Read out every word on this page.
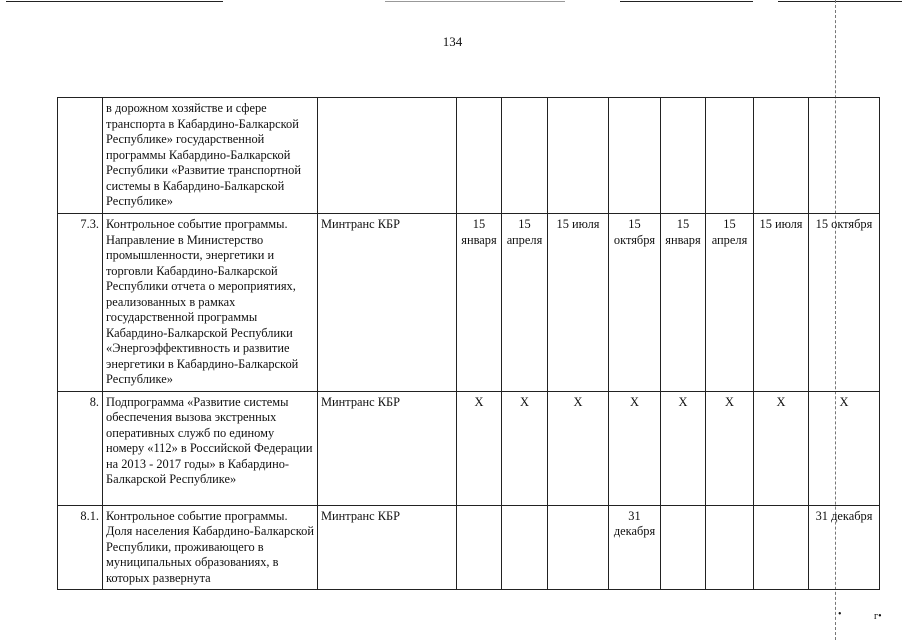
134
•	г•
	в дорожном хозяйстве и сфере транспорта в Кабардино-Балкарской Республике» государственной программы Кабардино-Балкарской Республики «Развитие транспортной системы в Кабардино-Балкарской Республике»									
7.3.	Контрольное событие программы. Направление в Министерство промышленности, энергетики и торговли Кабардино-Балкарской Республики отчета о мероприятиях, реализованных в рамках государственной программы Кабардино-Балкарской Республики «Энергоэффективность и развитие энергетики в Кабардино-Балкарской Республике»	Минтранс КБР	15 января	15 апреля	15 июля	15 октября	15 января	15 апреля	15 июля	15 октября
8.	Подпрограмма «Развитие системы обеспечения вызова экстренных оперативных служб по единому номеру «112» в Российской Федерации на 2013 - 2017 годы» в Кабардино-Балкарской Республике»	Минтранс КБР	X	X	X	X	X	X	X	X
8.1.	Контрольное событие программы. Доля населения Кабардино-Балкарской Республики, проживающего в муниципальных образованиях, в которых развернута	Минтранс КБР				31 декабря				31 декабря
